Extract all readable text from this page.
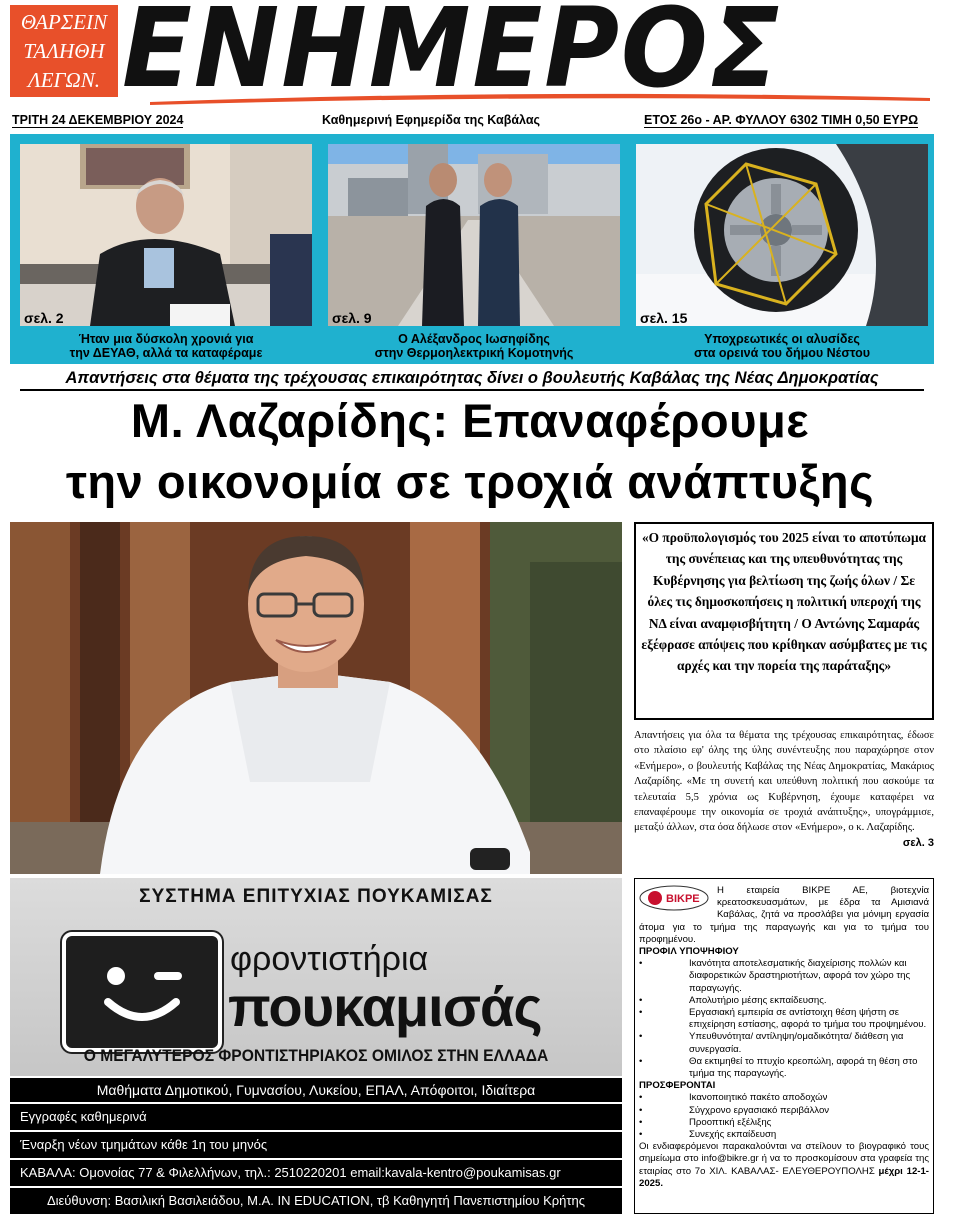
ΘΑΡΣΕΙΝ
ΤΑΛΗΘΗ
ΛΕΓΩΝ. ΕΝΗΜΕΡΟΣ
ΤΡΙΤΗ 24 ΔΕΚΕΜΒΡΙΟΥ 2024	Καθημερινή Εφημερίδα της Καβάλας	ΕΤΟΣ 26ο - ΑΡ. ΦΥΛΛΟΥ 6302 ΤΙΜΗ 0,50 ΕΥΡΩ
σελ. 2
Ήταν μια δύσκολη χρονιά για
την ΔΕΥΑΘ, αλλά τα καταφέραμε
σελ. 9
Ο Αλέξανδρος Ιωσηφίδης
στην Θερμοηλεκτρική Κομοτηνής
σελ. 15
Υποχρεωτικές οι αλυσίδες
στα ορεινά του δήμου Νέστου
Απαντήσεις στα θέματα της τρέχουσας επικαιρότητας δίνει ο βουλευτής Καβάλας της Νέας Δημοκρατίας
Μ. Λαζαρίδης: Επαναφέρουμε
την οικονομία σε τροχιά ανάπτυξης
«Ο προϋπολογισμός του 2025 είναι το αποτύπωμα της συνέπειας και της υπευθυνότητας της Κυβέρνησης για βελτίωση της ζωής όλων / Σε όλες τις δημοσκοπήσεις η πολιτική υπεροχή της ΝΔ είναι αναμφισβήτητη / Ο Αντώνης Σαμαράς εξέφρασε απόψεις που κρίθηκαν ασύμβατες με τις αρχές και την πορεία της παράταξης»
Απαντήσεις για όλα τα θέματα της τρέχουσας επικαιρότητας, έδωσε στο πλαίσιο εφ' όλης της ύλης συνέντευξης που παραχώρησε στον «Ενήμερο», ο βουλευτής Καβάλας της Νέας Δημοκρατίας, Μακάριος Λαζαρίδης. «Με τη συνετή και υπεύθυνη πολιτική που ασκούμε τα τελευταία 5,5 χρόνια ως Κυβέρνηση, έχουμε καταφέρει να επαναφέρουμε την οικονομία σε τροχιά ανάπτυξης», υπογράμμισε, μεταξύ άλλων, στα όσα δήλωσε στον «Ενήμερο», ο κ. Λαζαρίδης.
σελ. 3
ΣΥΣΤΗΜΑ ΕΠΙΤΥΧΙΑΣ ΠΟΥΚΑΜΙΣΑΣ
φροντιστήρια
πουκαμισάς
Ο ΜΕΓΑΛΥΤΕΡΟΣ ΦΡΟΝΤΙΣΤΗΡΙΑΚΟΣ ΟΜΙΛΟΣ ΣΤΗΝ ΕΛΛΑΔΑ
Μαθήματα Δημοτικού, Γυμνασίου, Λυκείου, ΕΠΑΛ, Απόφοιτοι, Ιδιαίτερα
Εγγραφές καθημερινά
Έναρξη νέων τμημάτων κάθε 1η του μηνός
ΚΑΒΑΛΑ: Ομονοίας 77 & Φιλελλήνων, τηλ.: 2510220201 email:kavala-kentro@poukamisas.gr
Διεύθυνση: Βασιλική Βασιλειάδου, Μ.Α. IN EDUCATION, τβ Καθηγητή Πανεπιστημίου Κρήτης
ΒΙΚΡΕ

Η εταιρεία ΒΙΚΡΕ ΑΕ, βιοτεχνία κρεατοσκευασμάτων, με έδρα τα Αμισιανά Καβάλας, ζητά να προσλάβει για μόνιμη εργασία άτομα για το τμήμα της παραγωγής και για το τμήμα του προφημένου.

ΠΡΟΦΙΛ ΥΠΟΨΗΦΙΟΥ

•	Ικανότητα αποτελεσματικής διαχείρισης πολλών και διαφορετικών δραστηριοτήτων, αφορά τον χώρο της παραγωγής.
•	Απολυτήριο μέσης εκπαίδευσης.
•	Εργασιακή εμπειρία σε αντίστοιχη θέση ψήστη σε επιχείρηση εστίασης, αφορά το τμήμα του προψημένου.
•	Υπευθυνότητα/ αντίληψη/ομαδικότητα/ διάθεση για συνεργασία.
•	Θα εκτιμηθεί το πτυχίο κρεοπώλη, αφορά τη θέση στο τμήμα της παραγωγής.

ΠΡΟΣΦΕΡΟΝΤΑΙ

•	Ικανοποιητικό πακέτο αποδοχών
•	Σύγχρονο εργασιακό περιβάλλον
•	Προοπτική εξέλιξης
•	Συνεχής εκπαίδευση

Οι ενδιαφερόμενοι παρακαλούνται να στείλουν το βιογραφικό τους σημείωμα στο info@bikre.gr ή να το προσκομίσουν στα γραφεία της εταιρίας στο 7ο ΧΙΛ. ΚΑΒΑΛΑΣ- ΕΛΕΥΘΕΡΟΥΠΟΛΗΣ μέχρι 12-1-2025.
